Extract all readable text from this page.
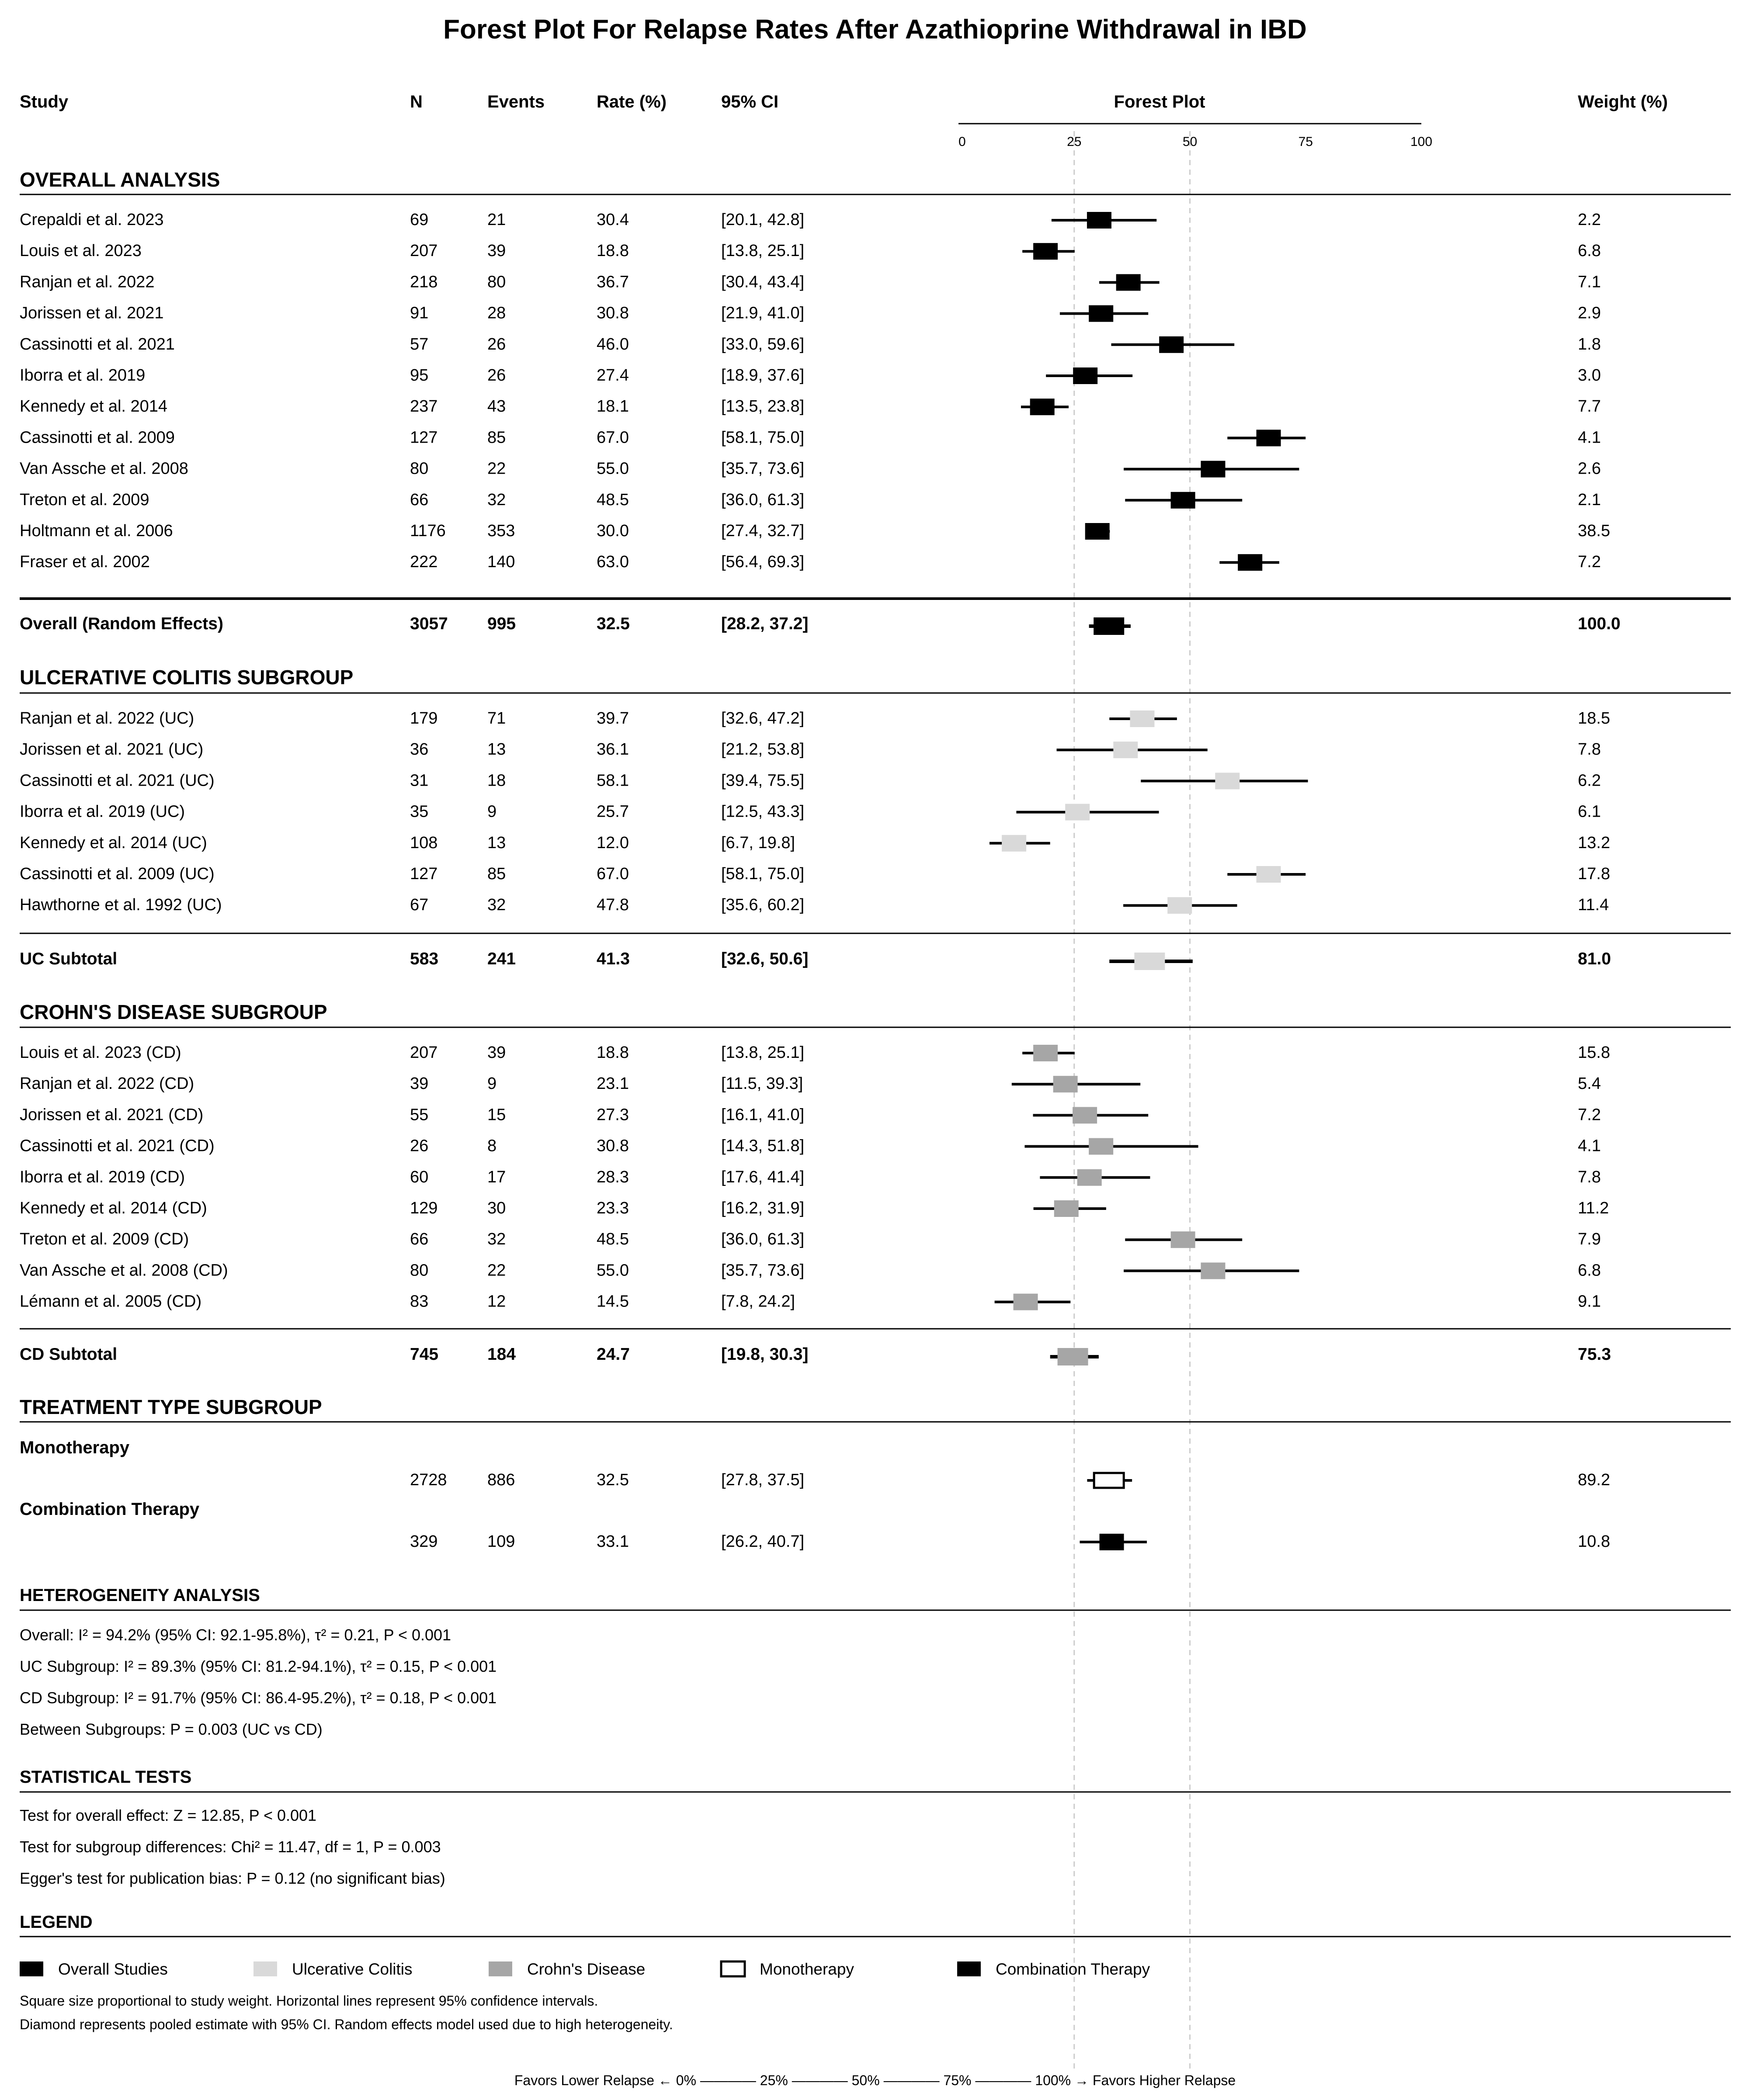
Forest Plot For Relapse Rates After Azathioprine Withdrawal in IBD
Study	N	Events	Rate (%)	95% CI	Forest Plot	Weight (%)
0	25	50	75	100
OVERALL ANALYSIS
Crepaldi et al. 2023	69	21	30.4	[20.1, 42.8]	2.2
Louis et al. 2023	207	39	18.8	[13.8, 25.1]	6.8
Ranjan et al. 2022	218	80	36.7	[30.4, 43.4]	7.1
Jorissen et al. 2021	91	28	30.8	[21.9, 41.0]	2.9
Cassinotti et al. 2021	57	26	46.0	[33.0, 59.6]	1.8
Iborra et al. 2019	95	26	27.4	[18.9, 37.6]	3.0
Kennedy et al. 2014	237	43	18.1	[13.5, 23.8]	7.7
Cassinotti et al. 2009	127	85	67.0	[58.1, 75.0]	4.1
Van Assche et al. 2008	80	22	55.0	[35.7, 73.6]	2.6
Treton et al. 2009	66	32	48.5	[36.0, 61.3]	2.1
Holtmann et al. 2006	1176	353	30.0	[27.4, 32.7]	38.5
Fraser et al. 2002	222	140	63.0	[56.4, 69.3]	7.2
Overall (Random Effects)	3057 995	32.5	[28.2, 37.2]	100.0
ULCERATIVE COLITIS SUBGROUP
Ranjan et al. 2022 (UC)	179	71	39.7	[32.6, 47.2]	18.5
Jorissen et al. 2021 (UC)	36	13	36.1	[21.2, 53.8]	7.8
Cassinotti et al. 2021 (UC)	31	18	58.1	[39.4, 75.5]	6.2
Iborra et al. 2019 (UC)	35	9	25.7	[12.5, 43.3]	6.1
Kennedy et al. 2014 (UC)	108	13	12.0	[6.7, 19.8]	13.2
Cassinotti et al. 2009 (UC)	127	85	67.0	[58.1, 75.0]	17.8
Hawthorne et al. 1992 (UC)	67	32	47.8	[35.6, 60.2]	11.4
UC Subtotal	583	241	41.3	[32.6, 50.6]	81.0
CROHN'S DISEASE SUBGROUP
Louis et al. 2023 (CD)	207	39	18.8	[13.8, 25.1]	15.8
Ranjan et al. 2022 (CD)	39	9	23.1	[11.5, 39.3]	5.4
Jorissen et al. 2021 (CD)	55	15	27.3	[16.1, 41.0]	7.2
Cassinotti et al. 2021 (CD)	26	8	30.8	[14.3, 51.8]	4.1
Iborra et al. 2019 (CD)	60	17	28.3	[17.6, 41.4]	7.8
Kennedy et al. 2014 (CD)	129	30	23.3	[16.2, 31.9]	11.2
Treton et al. 2009 (CD)	66	32	48.5	[36.0, 61.3]	7.9
Van Assche et al. 2008 (CD)	80	22	55.0	[35.7, 73.6]	6.8
Lémann et al. 2005 (CD)	83	12	14.5	[7.8, 24.2]	9.1
CD Subtotal	745	184	24.7	[19.8, 30.3]	75.3
TREATMENT TYPE SUBGROUP
Monotherapy
2728 886	32.5	[27.8, 37.5]	89.2
Combination Therapy
329	109	33.1	[26.2, 40.7]	10.8
HETEROGENEITY ANALYSIS
Overall: I² = 94.2% (95% CI: 92.1-95.8%), τ² = 0.21, P < 0.001
UC Subgroup: I² = 89.3% (95% CI: 81.2-94.1%), τ² = 0.15, P < 0.001
CD Subgroup: I² = 91.7% (95% CI: 86.4-95.2%), τ² = 0.18, P < 0.001
Between Subgroups: P = 0.003 (UC vs CD)
STATISTICAL TESTS
Test for overall effect: Z = 12.85, P < 0.001
Test for subgroup differences: Chi² = 11.47, df = 1, P = 0.003
Egger's test for publication bias: P = 0.12 (no significant bias)
LEGEND
Overall Studies	Ulcerative Colitis	Crohn's Disease	Monotherapy	Combination Therapy
Square size proportional to study weight. Horizontal lines represent 95% confidence intervals.
Diamond represents pooled estimate with 95% CI. Random effects model used due to high heterogeneity.
Favors Lower Relapse ← 0% ———— 25% ———— 50% ———— 75% ———— 100% → Favors Higher Relapse
